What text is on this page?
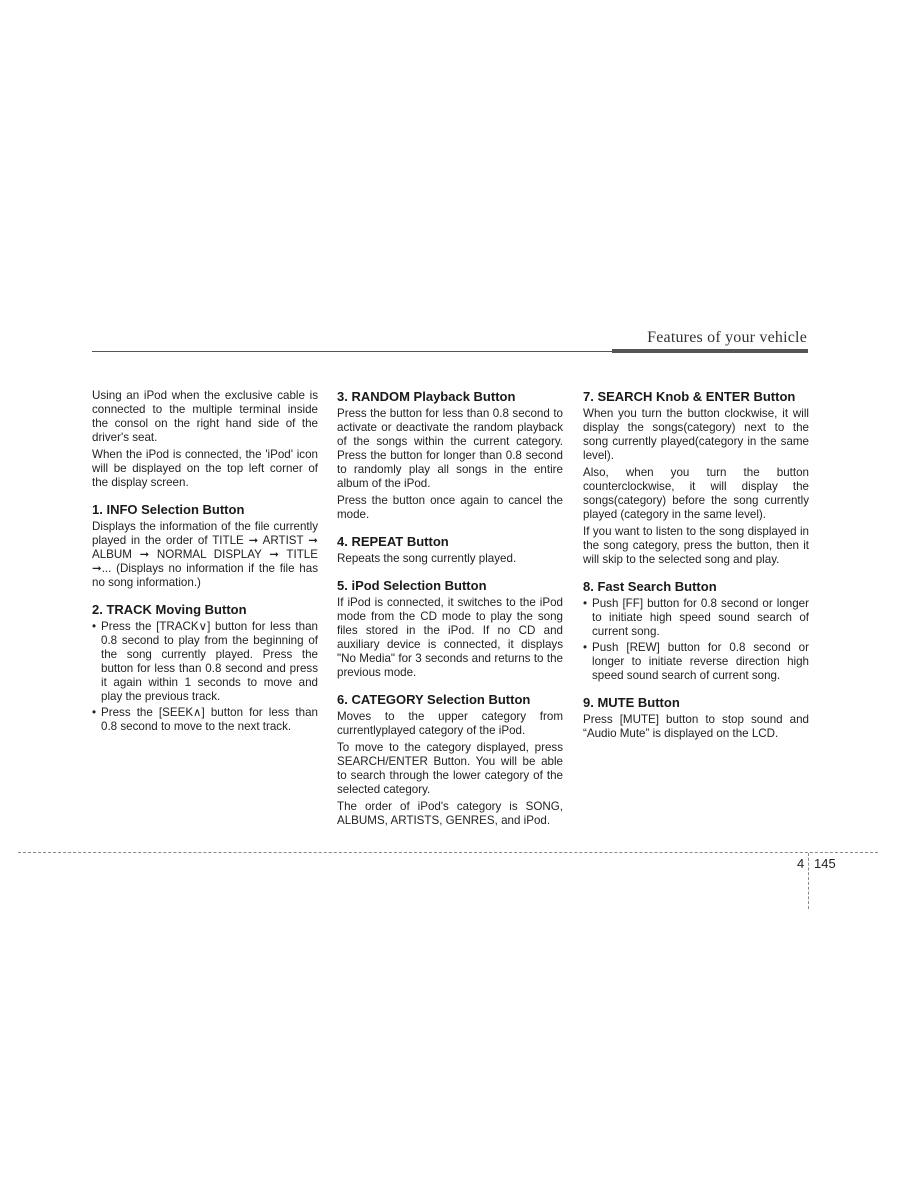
Features of your vehicle

Using an iPod when the exclusive cable is connected to the multiple terminal inside the consol on the right hand side of the driver's seat.

When the iPod is connected, the 'iPod' icon will be displayed on the top left corner of the display screen.

1. INFO Selection Button

Displays the information of the file currently played in the order of TITLE ➞ ARTIST ➞ ALBUM ➞ NORMAL DISPLAY ➞ TITLE ➞... (Displays no information if the file has no song information.)

2. TRACK Moving Button
• Press the [TRACK∨] button for less than 0.8 second to play from the beginning of the song currently played. Press the button for less than 0.8 second and press it again within 1 seconds to move and play the previous track.
• Press the [SEEK∧] button for less than 0.8 second to move to the next track.
3. RANDOM Playback Button

Press the button for less than 0.8 second to activate or deactivate the random playback of the songs within the current category. Press the button for longer than 0.8 second to randomly play all songs in the entire album of the iPod.

Press the button once again to cancel the mode.

4. REPEAT Button

Repeats the song currently played.

5. iPod Selection Button

If iPod is connected, it switches to the iPod mode from the CD mode to play the song files stored in the iPod. If no CD and auxiliary device is connected, it displays "No Media" for 3 seconds and returns to the previous mode.

6. CATEGORY Selection Button

Moves to the upper category from currentlyplayed category of the iPod.

To move to the category displayed, press SEARCH/ENTER Button. You will be able to search through the lower category of the selected category.

The order of iPod's category is SONG, ALBUMS, ARTISTS, GENRES, and iPod.

7. SEARCH Knob & ENTER Button

When you turn the button clockwise, it will display the songs(category) next to the song currently played(category in the same level).

Also, when you turn the button counterclockwise, it will display the songs(category) before the song currently played (category in the same level).

If you want to listen to the song displayed in the song category, press the button, then it will skip to the selected song and play.

8. Fast Search Button
• Push [FF] button for 0.8 second or longer to initiate high speed sound search of current song.
• Push [REW] button for 0.8 second or longer to initiate reverse direction high speed sound search of current song.
9. MUTE Button

Press [MUTE] button to stop sound and “Audio Mute” is displayed on the LCD.

4 145
